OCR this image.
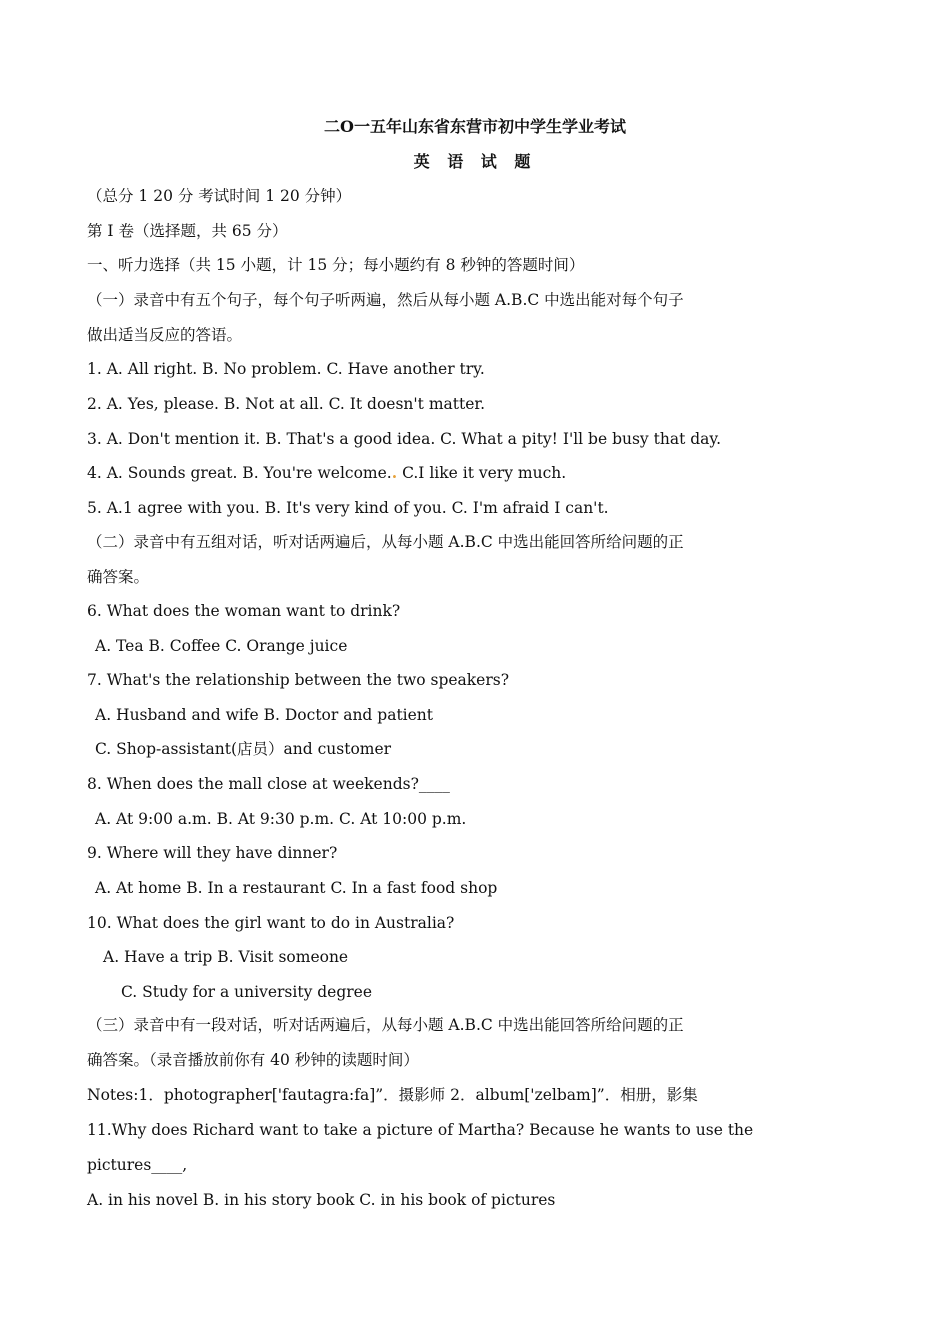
二O一五年山东省东营市初中学生学业考试
英 语 试 题
（总分 1 20 分 考试时间 1 20 分钟）
第 I 卷（选择题，共 65 分）
一、听力选择（共 15 小题，计 15 分；每小题约有 8 秒钟的答题时间）
（一）录音中有五个句子，每个句子听两遍，然后从每小题 A.B.C 中选出能对每个句子
做出适当反应的答语。
1. A. All right. B. No problem. C. Have another try.
2. A. Yes, please. B. Not at all. C. It doesn't matter.
3. A. Don't mention it. B. That's a good idea. C. What a pity! I'll be busy that day.
4. A. Sounds great. B. You're welcome.. C.I like it very much.
5. A.1 agree with you. B. It's very kind of you. C. I'm afraid I can't.
（二）录音中有五组对话，听对话两遍后，从每小题 A.B.C 中选出能回答所给问题的正
确答案。
6. What does the woman want to drink?
A. Tea B. Coffee C. Orange juice
7. What's the relationship between the two speakers?
A. Husband and wife B. Doctor and patient
C. Shop-assistant(店员）and customer
8. When does the mall close at weekends?____
A. At 9:00 a.m. B. At 9:30 p.m. C. At 10:00 p.m.
9. Where will they have dinner?
A. At home B. In a restaurant C. In a fast food shop
10. What does the girl want to do in Australia?
A. Have a trip B. Visit someone
C. Study for a university degree
（三）录音中有一段对话，听对话两遍后，从每小题 A.B.C 中选出能回答所给问题的正
确答案。（录音播放前你有 40 秒钟的读题时间）
Notes:1．photographer['fautagra:fa]”．摄影师 2．album['zelbam]”．相册，影集
11.Why does Richard want to take a picture of Martha? Because he wants to use the
pictures____,
A. in his novel B. in his story book C. in his book of pictures
